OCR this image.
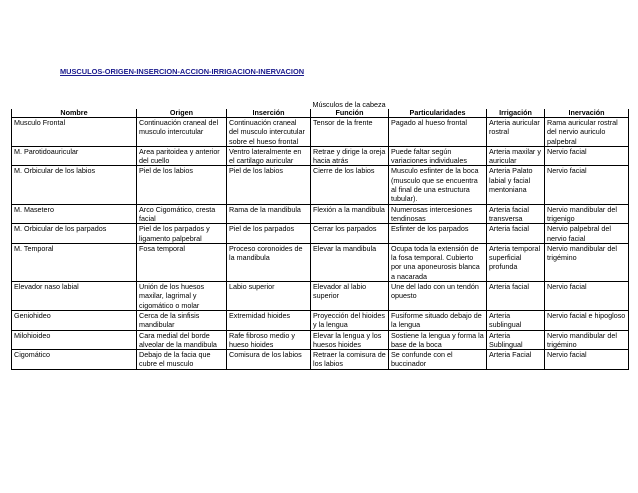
MUSCULOS-ORIGEN-INSERCION-ACCION-IRRIGACION-INERVACION
Músculos de la cabeza						
Nombre	Origen	Inserción	Función	Particularidades	Irrigación	Inervación
Musculo Frontal	Continuación craneal del musculo intercutular	Continuación craneal del musculo intercutular sobre el hueso frontal	Tensor de la frente	Pagado al hueso frontal	Arteria auricular rostral	Rama auricular rostral del nervio auriculo palpebral
M. Parotidoauricular	Area paritoidea y anterior del cuello	Ventro lateralmente en el cartilago auricular	Retrae y dirige la oreja hacia atrás	Puede faltar según variaciones individuales	Arteria maxilar y auricular	Nervio facial
M. Orbicular de los labios	Piel de los labios	Piel de los labios	Cierre de los labios	Musculo esfinter de la boca (musculo que se encuentra al final de una estructura tubular).	Arteria Palato labial y facial mentoniana	Nervio facial
M. Masetero	Arco Cigomático, cresta facial	Rama de la mandibula	Flexión a la mandibula	Numerosas intercesiones tendinosas	Arteria facial transversa	Nervio mandibular del trigenigo
M. Orbicular de los parpados	Piel de los parpados y ligamento palpebral	Piel de los parpados	Cerrar los parpados	Esfinter de los parpados	Arteria facial	Nervio palpebral del nervio facial
M. Temporal	Fosa temporal	Proceso coronoides de la mandibula	Elevar la mandibula	Ocupa toda la extensión de la fosa temporal. Cubierto por una aponeurosis blanca a nacarada	Arteria temporal superficial profunda	Nervio mandibular del trigémino
Elevador naso labial	Unión de los huesos maxilar, lagrimal y cigomático o molar	Labio superior	Elevador al labio superior	Une del lado con un tendón opuesto	Arteria facial	Nervio facial
Geniohideo	Cerca de la sinfisis mandibular	Extremidad hioides	Proyección del hioides y la lengua	Fusiforme situado debajo de la lengua	Arteria sublingual	Nervio facial e hipogloso
Milohioideo	Cara medial del borde alveolar de la mandibula	Rafe fibroso medio y hueso hioides	Elevar la lengua y los huesos hioides	Sostiene la lengua y forma la base de la boca	Arteria Sublingual	Nervio mandibular del trigémino
Cigomático	Debajo de la facia que cubre el musculo	Comisura de los labios	Retraer la comisura de los labios	Se confunde con el buccinador	Arteria Facial	Nervio facial
